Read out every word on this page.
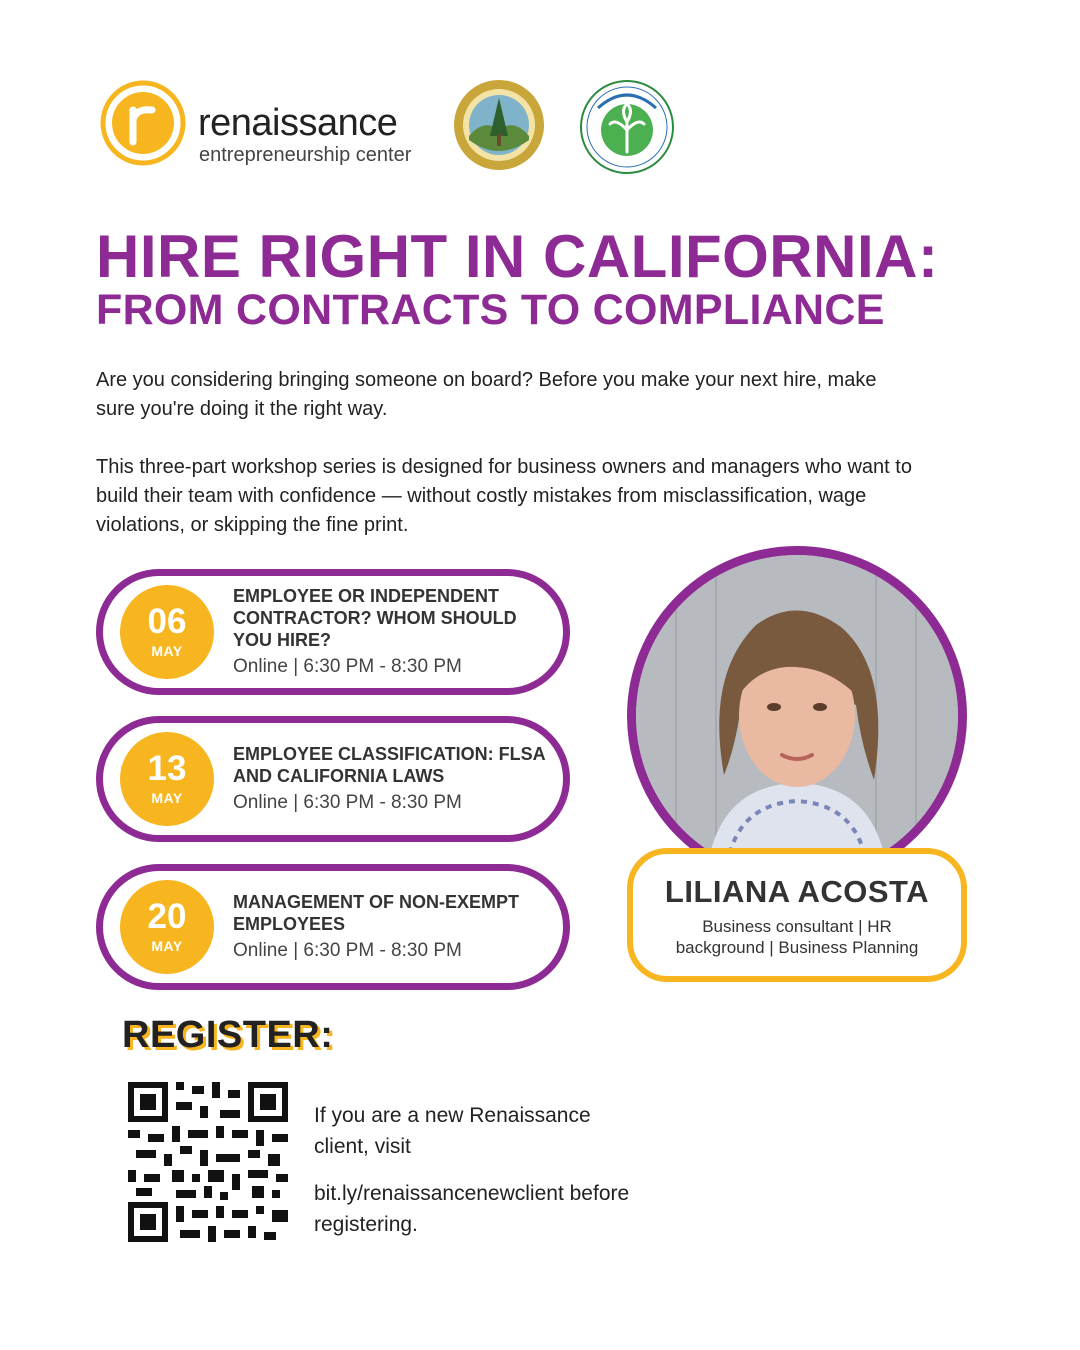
renaissance
entrepreneurship center
HIRE RIGHT IN CALIFORNIA:
FROM CONTRACTS TO COMPLIANCE

Are you considering bringing someone on board? Before you make your next hire, make sure you're doing it the right way.

This three-part workshop series is designed for business owners and managers who want to build their team with confidence — without costly mistakes from misclassification, wage violations, or skipping the fine print.

06
MAY
EMPLOYEE OR INDEPENDENT CONTRACTOR? WHOM SHOULD YOU HIRE?
Online | 6:30 PM - 8:30 PM
13
MAY
EMPLOYEE CLASSIFICATION: FLSA AND CALIFORNIA LAWS
Online | 6:30 PM - 8:30 PM
20
MAY
MANAGEMENT OF NON-EXEMPT EMPLOYEES
Online | 6:30 PM - 8:30 PM
LILIANA ACOSTA
Business consultant | HR background | Business Planning
REGISTER:

If you are a new Renaissance client, visit

bit.ly/renaissancenewclient before registering.
